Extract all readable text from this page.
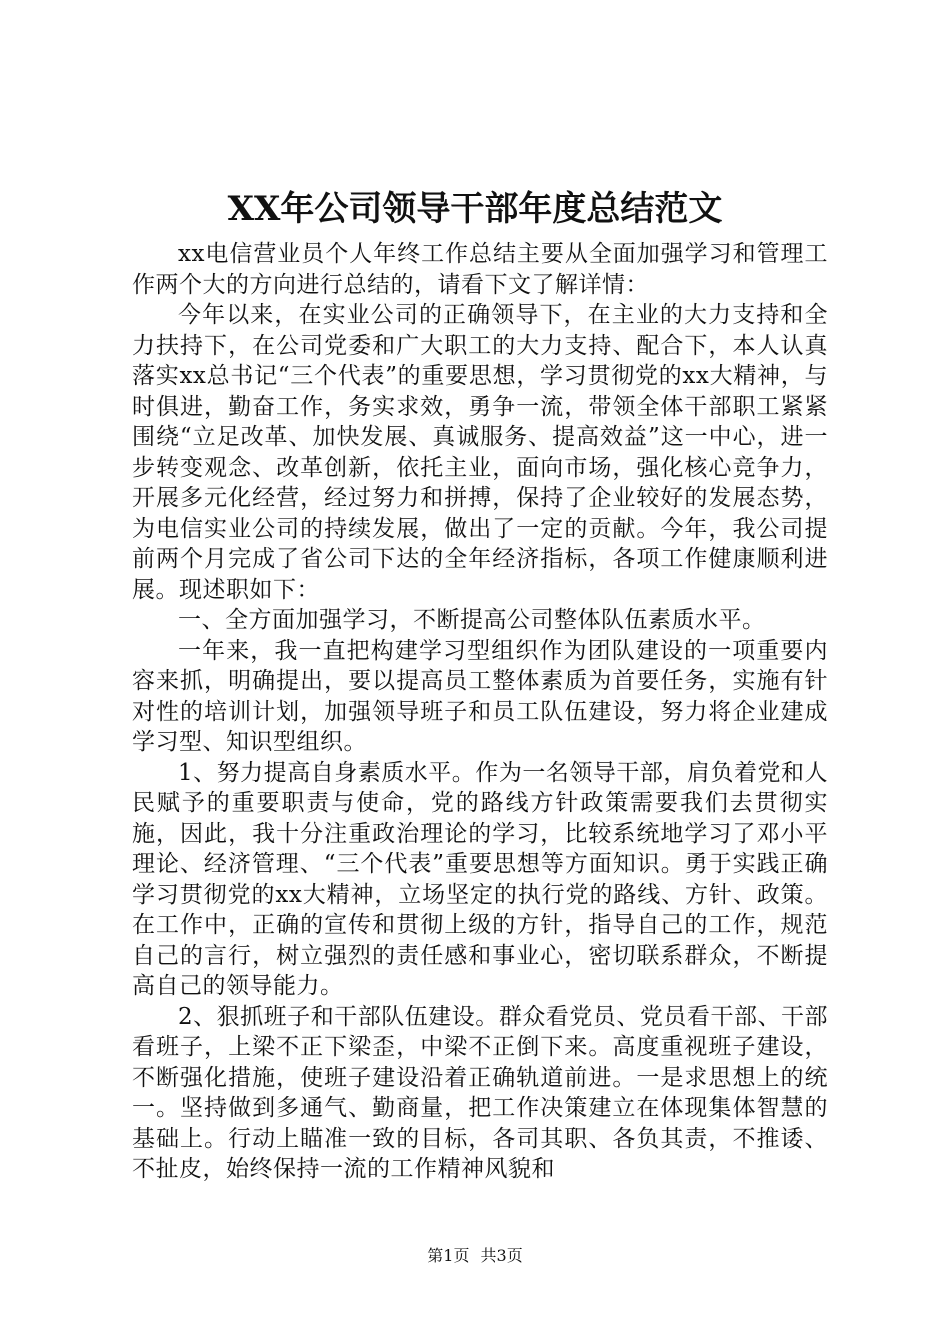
XX年公司领导干部年度总结范文

xx电信营业员个人年终工作总结主要从全面加强学习和管理工作两个大的方向进行总结的，请看下文了解详情：

今年以来，在实业公司的正确领导下，在主业的大力支持和全力扶持下，在公司党委和广大职工的大力支持、配合下，本人认真落实xx总书记“三个代表”的重要思想，学习贯彻党的xx大精神，与时俱进，勤奋工作，务实求效，勇争一流，带领全体干部职工紧紧围绕“立足改革、加快发展、真诚服务、提高效益”这一中心，进一步转变观念、改革创新，依托主业，面向市场，强化核心竞争力，开展多元化经营，经过努力和拼搏，保持了企业较好的发展态势，为电信实业公司的持续发展，做出了一定的贡献。今年，我公司提前两个月完成了省公司下达的全年经济指标，各项工作健康顺利进展。现述职如下：

一、全方面加强学习，不断提高公司整体队伍素质水平。

一年来，我一直把构建学习型组织作为团队建设的一项重要内容来抓，明确提出，要以提高员工整体素质为首要任务，实施有针对性的培训计划，加强领导班子和员工队伍建设，努力将企业建成学习型、知识型组织。

1、努力提高自身素质水平。作为一名领导干部，肩负着党和人民赋予的重要职责与使命，党的路线方针政策需要我们去贯彻实施，因此，我十分注重政治理论的学习，比较系统地学习了邓小平理论、经济管理、“三个代表”重要思想等方面知识。勇于实践正确学习贯彻党的xx大精神，立场坚定的执行党的路线、方针、政策。在工作中，正确的宣传和贯彻上级的方针，指导自己的工作，规范自己的言行，树立强烈的责任感和事业心，密切联系群众，不断提高自己的领导能力。

2、狠抓班子和干部队伍建设。群众看党员、党员看干部、干部看班子，上梁不正下梁歪，中梁不正倒下来。高度重视班子建设，不断强化措施，使班子建设沿着正确轨道前进。一是求思想上的统一。坚持做到多通气、勤商量，把工作决策建立在体现集体智慧的基础上。行动上瞄准一致的目标，各司其职、各负其责，不推诿、不扯皮，始终保持一流的工作精神风貌和

第1页 共3页
